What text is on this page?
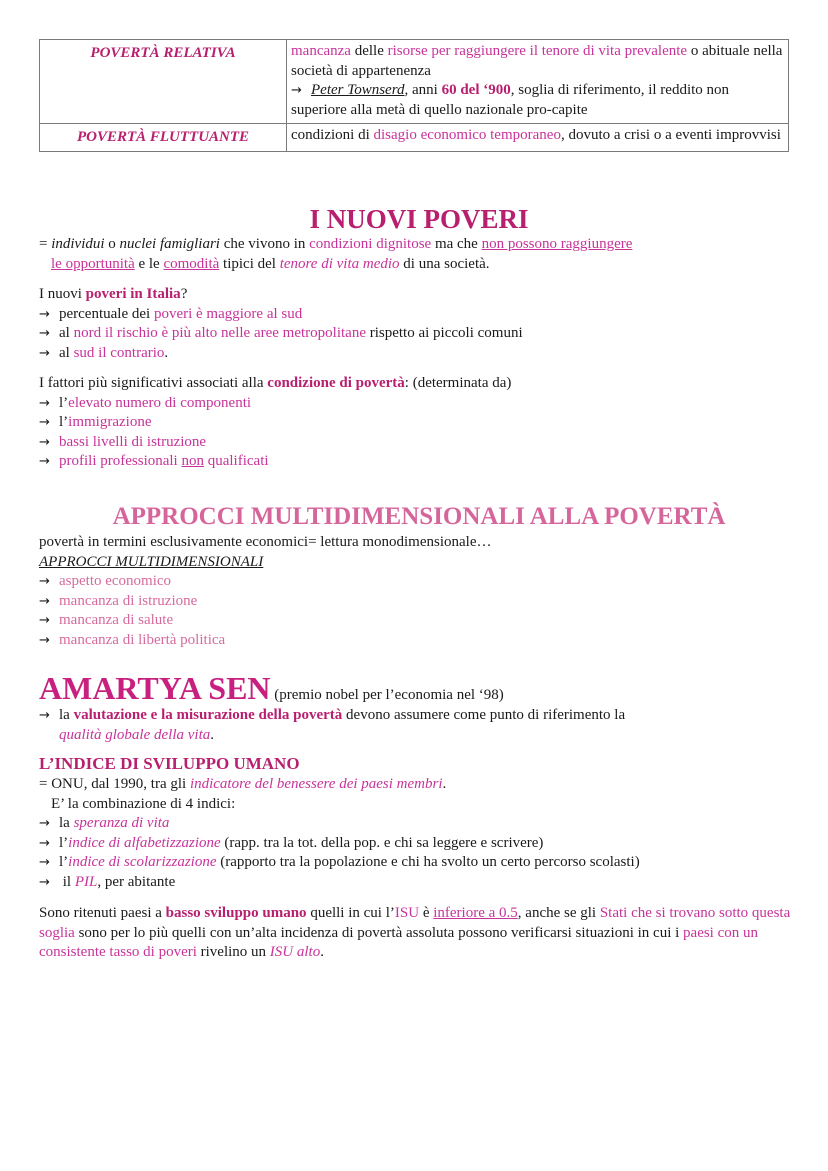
POVERTÀ RELATIVA	mancanza delle risorse per raggiungere il tenore di vita prevalente o abituale nella società di appartenenza
→ Peter Townserd, anni 60 del ‘900, soglia di riferimento, il reddito non superiore alla metà di quello nazionale pro-capite
POVERTÀ FLUTTUANTE	condizioni di disagio economico temporaneo, dovuto a crisi o a eventi improvvisi
I NUOVI POVERI

= individui o nuclei famigliari che vivono in condizioni dignitose ma che non possono raggiungere
le opportunità e le comodità tipici del tenore di vita medio di una società.

I nuovi poveri in Italia?

→ percentuale dei poveri è maggiore al sud

→ al nord il rischio è più alto nelle aree metropolitane rispetto ai piccoli comuni

→ al sud il contrario.

I fattori più significativi associati alla condizione di povertà: (determinata da)

→ l’elevato numero di componenti

→ l’immigrazione

→ bassi livelli di istruzione

→ profili professionali non qualificati

APPROCCI MULTIDIMENSIONALI ALLA POVERTÀ

povertà in termini esclusivamente economici= lettura monodimensionale…

APPROCCI MULTIDIMENSIONALI

→ aspetto economico

→ mancanza di istruzione

→ mancanza di salute

→ mancanza di libertà politica

AMARTYA SEN (premio nobel per l’economia nel ‘98)

→ la valutazione e la misurazione della povertà devono assumere come punto di riferimento la

qualità globale della vita.

L’INDICE DI SVILUPPO UMANO

= ONU, dal 1990, tra gli indicatore del benessere dei paesi membri.

E’ la combinazione di 4 indici:

→ la speranza di vita

→ l’indice di alfabetizzazione (rapp. tra la tot. della pop. e chi sa leggere e scrivere)

→ l’indice di scolarizzazione (rapporto tra la popolazione e chi ha svolto un certo percorso scolasti)

→ il PIL, per abitante

Sono ritenuti paesi a basso sviluppo umano quelli in cui l’ISU è inferiore a 0.5, anche se gli Stati che si trovano sotto questa soglia sono per lo più quelli con un’alta incidenza di povertà assoluta possono verificarsi situazioni in cui i paesi con un consistente tasso di poveri rivelino un ISU alto.
